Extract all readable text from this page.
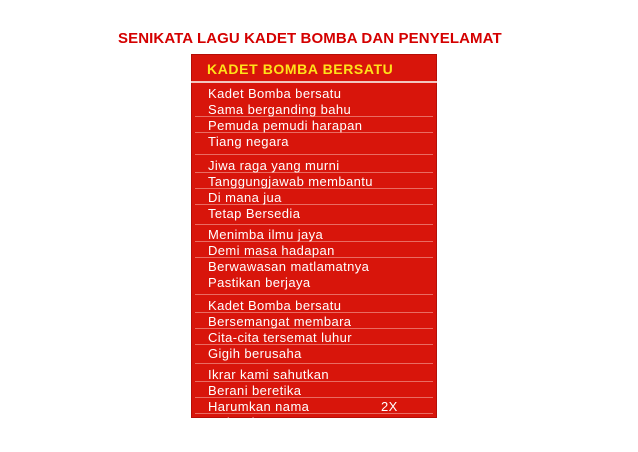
SENIKATA LAGU KADET BOMBA DAN PENYELAMAT
KADET BOMBA BERSATU
Kadet Bomba bersatu
Sama berganding bahu
Pemuda pemudi harapan
Tiang negara
Jiwa raga yang murni
Tanggungjawab membantu
Di mana jua
Tetap Bersedia
Menimba ilmu jaya
Demi masa hadapan
Berwawasan matlamatnya
Pastikan berjaya
Kadet Bomba bersatu
Bersemangat membara
Cita-cita tersemat luhur
Gigih berusaha
Ikrar kami sahutkan
Berani beretika
Harumkan nama
Malaysia Jaya
2X
